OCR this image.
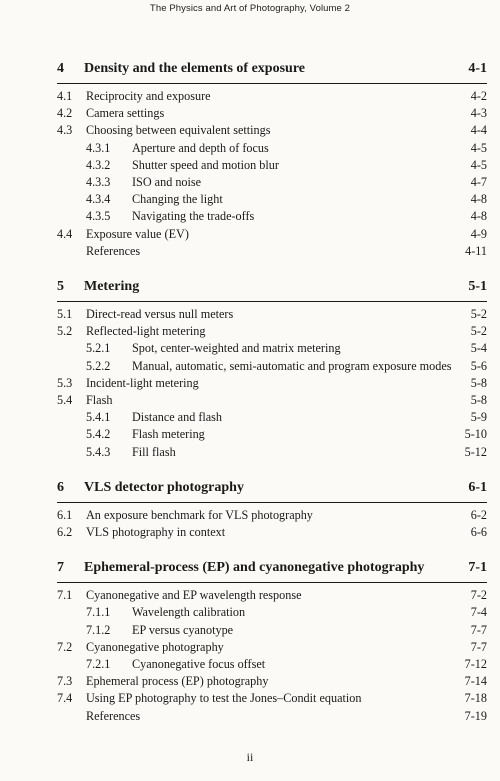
The Physics and Art of Photography, Volume 2
4	Density and the elements of exposure	4-1
4.1	Reciprocity and exposure	4-2
4.2	Camera settings	4-3
4.3	Choosing between equivalent settings	4-4
4.3.1	Aperture and depth of focus	4-5
4.3.2	Shutter speed and motion blur	4-5
4.3.3	ISO and noise	4-7
4.3.4	Changing the light	4-8
4.3.5	Navigating the trade-offs	4-8
4.4	Exposure value (EV)	4-9
References	4-11
5	Metering	5-1
5.1	Direct-read versus null meters	5-2
5.2	Reflected-light metering	5-2
5.2.1	Spot, center-weighted and matrix metering	5-4
5.2.2	Manual, automatic, semi-automatic and program exposure modes	5-6
5.3	Incident-light metering	5-8
5.4	Flash	5-8
5.4.1	Distance and flash	5-9
5.4.2	Flash metering	5-10
5.4.3	Fill flash	5-12
6	VLS detector photography	6-1
6.1	An exposure benchmark for VLS photography	6-2
6.2	VLS photography in context	6-6
7	Ephemeral-process (EP) and cyanonegative photography	7-1
7.1	Cyanonegative and EP wavelength response	7-2
7.1.1	Wavelength calibration	7-4
7.1.2	EP versus cyanotype	7-7
7.2	Cyanonegative photography	7-7
7.2.1	Cyanonegative focus offset	7-12
7.3	Ephemeral process (EP) photography	7-14
7.4	Using EP photography to test the Jones–Condit equation	7-18
References	7-19
ii
